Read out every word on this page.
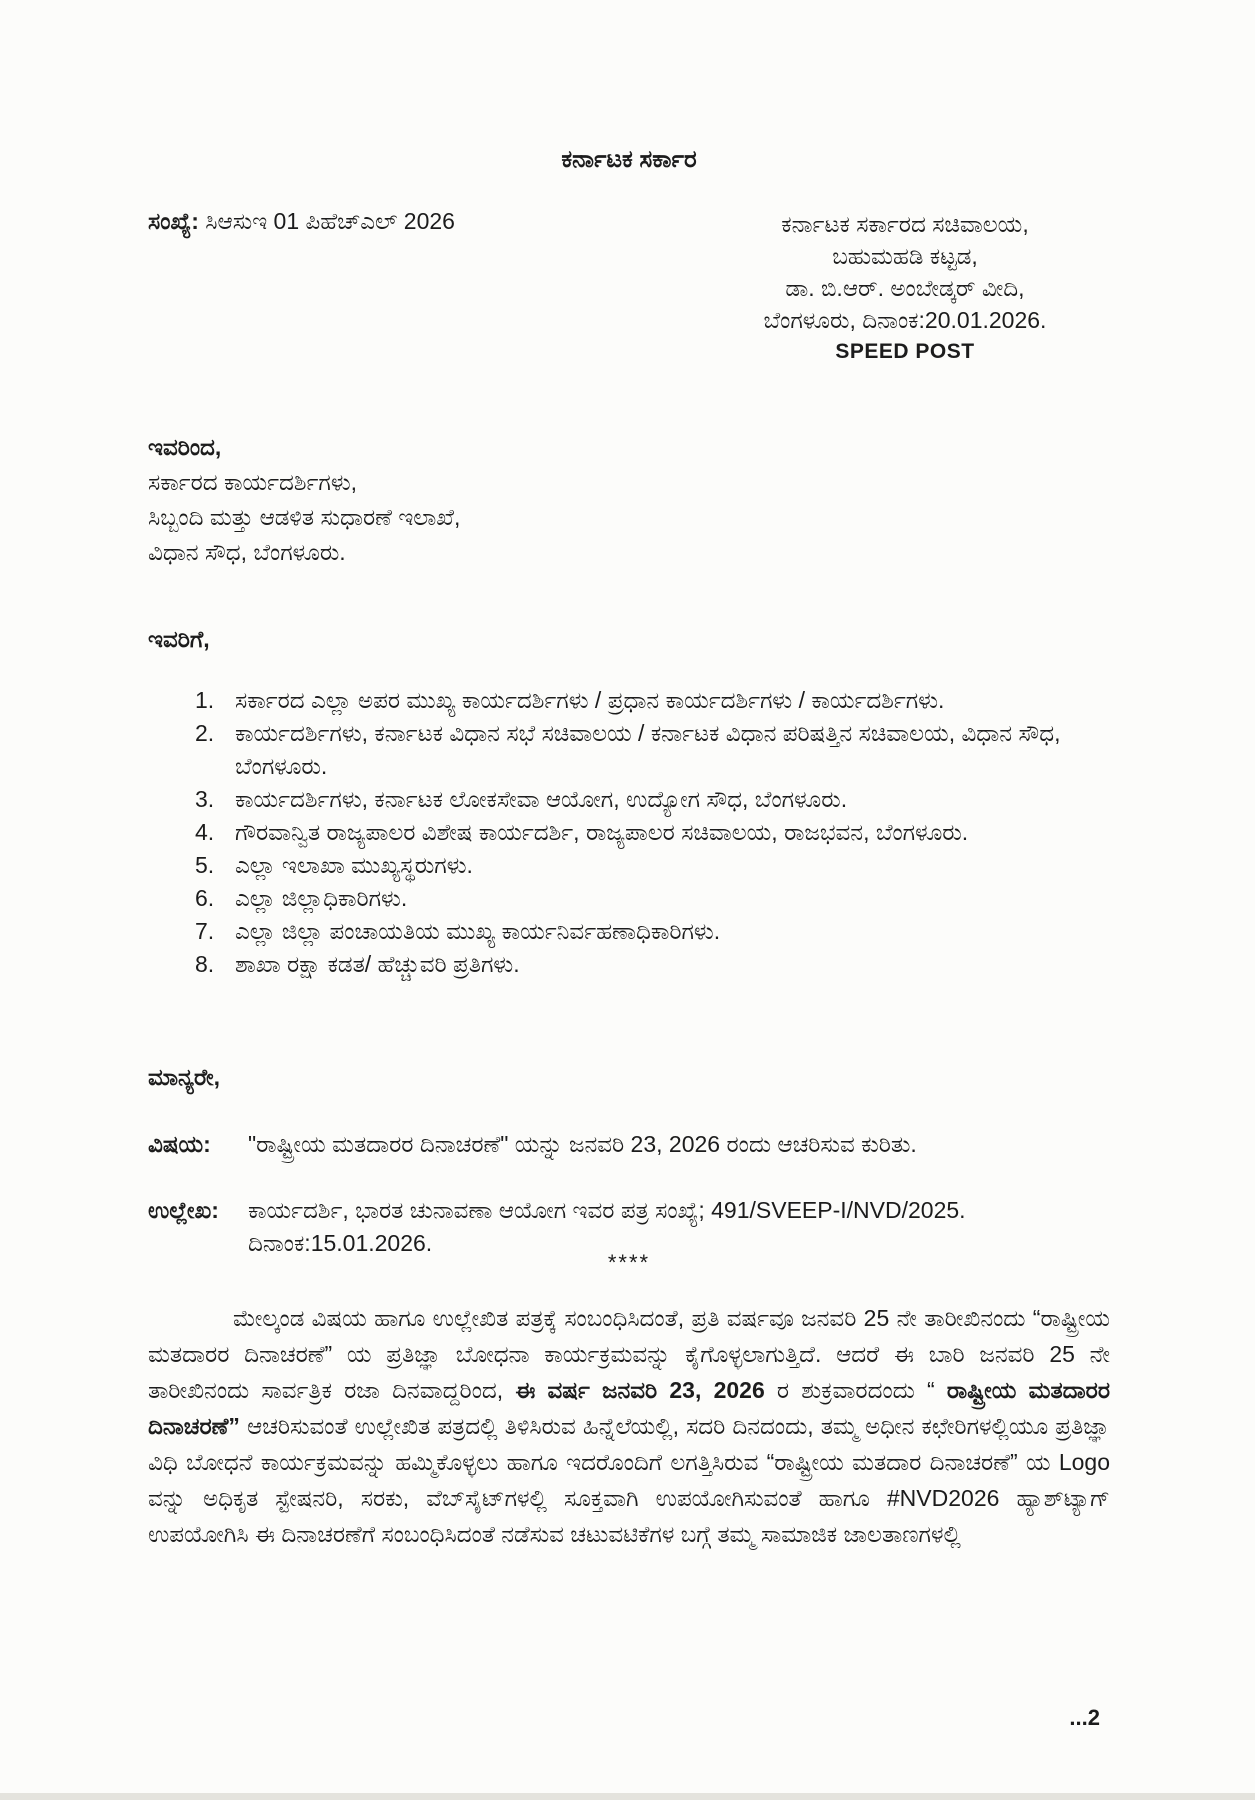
ಕರ್ನಾಟಕ ಸರ್ಕಾರ
ಸಂಖ್ಯೆ: ಸಿಆಸುಇ 01 ಪಿಹೆಚ್‌ಎಲ್ 2026	ಕರ್ನಾಟಕ ಸರ್ಕಾರದ ಸಚಿವಾಲಯ,
ಬಹುಮಹಡಿ ಕಟ್ಟಡ,
ಡಾ. ಬಿ.ಆರ್. ಅಂಬೇಡ್ಕರ್ ವೀದಿ,
ಬೆಂಗಳೂರು, ದಿನಾಂಕ:20.01.2026.
SPEED POST
ಇವರಿಂದ,
ಸರ್ಕಾರದ ಕಾರ್ಯದರ್ಶಿಗಳು,
ಸಿಬ್ಬಂದಿ ಮತ್ತು ಆಡಳಿತ ಸುಧಾರಣೆ ಇಲಾಖೆ,
ವಿಧಾನ ಸೌಧ, ಬೆಂಗಳೂರು.
ಇವರಿಗೆ,
1. ಸರ್ಕಾರದ ಎಲ್ಲಾ ಅಪರ ಮುಖ್ಯ ಕಾರ್ಯದರ್ಶಿಗಳು / ಪ್ರಧಾನ ಕಾರ್ಯದರ್ಶಿಗಳು / ಕಾರ್ಯದರ್ಶಿಗಳು.
2. ಕಾರ್ಯದರ್ಶಿಗಳು, ಕರ್ನಾಟಕ ವಿಧಾನ ಸಭೆ ಸಚಿವಾಲಯ / ಕರ್ನಾಟಕ ವಿಧಾನ ಪರಿಷತ್ತಿನ ಸಚಿವಾಲಯ, ವಿಧಾನ ಸೌಧ, ಬೆಂಗಳೂರು.
3. ಕಾರ್ಯದರ್ಶಿಗಳು, ಕರ್ನಾಟಕ ಲೋಕಸೇವಾ ಆಯೋಗ, ಉದ್ಯೋಗ ಸೌಧ, ಬೆಂಗಳೂರು.
4. ಗೌರವಾನ್ವಿತ ರಾಜ್ಯಪಾಲರ ವಿಶೇಷ ಕಾರ್ಯದರ್ಶಿ, ರಾಜ್ಯಪಾಲರ ಸಚಿವಾಲಯ, ರಾಜಭವನ, ಬೆಂಗಳೂರು.
5. ಎಲ್ಲಾ ಇಲಾಖಾ ಮುಖ್ಯಸ್ಥರುಗಳು.
6. ಎಲ್ಲಾ ಜಿಲ್ಲಾಧಿಕಾರಿಗಳು.
7. ಎಲ್ಲಾ ಜಿಲ್ಲಾ ಪಂಚಾಯತಿಯ ಮುಖ್ಯ ಕಾರ್ಯನಿರ್ವಹಣಾಧಿಕಾರಿಗಳು.
8. ಶಾಖಾ ರಕ್ಷಾ ಕಡತ/ ಹೆಚ್ಚುವರಿ ಪ್ರತಿಗಳು.
ಮಾನ್ಯರೇ,
ವಿಷಯ:	"ರಾಷ್ಟ್ರೀಯ ಮತದಾರರ ದಿನಾಚರಣೆ" ಯನ್ನು ಜನವರಿ 23, 2026 ರಂದು ಆಚರಿಸುವ ಕುರಿತು.
ಉಲ್ಲೇಖ:	ಕಾರ್ಯದರ್ಶಿ, ಭಾರತ ಚುನಾವಣಾ ಆಯೋಗ ಇವರ ಪತ್ರ ಸಂಖ್ಯೆ; 491/SVEEP-I/NVD/2025. ದಿನಾಂಕ:15.01.2026.
****
ಮೇಲ್ಕಂಡ ವಿಷಯ ಹಾಗೂ ಉಲ್ಲೇಖಿತ ಪತ್ರಕ್ಕೆ ಸಂಬಂಧಿಸಿದಂತೆ, ಪ್ರತಿ ವರ್ಷವೂ ಜನವರಿ 25 ನೇ ತಾರೀಖಿನಂದು “ರಾಷ್ಟ್ರೀಯ ಮತದಾರರ ದಿನಾಚರಣೆ” ಯ ಪ್ರತಿಜ್ಞಾ ಬೋಧನಾ ಕಾರ್ಯಕ್ರಮವನ್ನು ಕೈಗೊಳ್ಳಲಾಗುತ್ತಿದೆ. ಆದರೆ ಈ ಬಾರಿ ಜನವರಿ 25 ನೇ ತಾರೀಖಿನಂದು ಸಾರ್ವತ್ರಿಕ ರಜಾ ದಿನವಾದ್ದರಿಂದ, ಈ ವರ್ಷ ಜನವರಿ 23, 2026 ರ ಶುಕ್ರವಾರದಂದು “ ರಾಷ್ಟ್ರೀಯ ಮತದಾರರ ದಿನಾಚರಣೆ” ಆಚರಿಸುವಂತೆ ಉಲ್ಲೇಖಿತ ಪತ್ರದಲ್ಲಿ ತಿಳಿಸಿರುವ ಹಿನ್ನೆಲೆಯಲ್ಲಿ, ಸದರಿ ದಿನದಂದು, ತಮ್ಮ ಅಧೀನ ಕಛೇರಿಗಳಲ್ಲಿಯೂ ಪ್ರತಿಜ್ಞಾ ವಿಧಿ ಬೋಧನೆ ಕಾರ್ಯಕ್ರಮವನ್ನು ಹಮ್ಮಿಕೊಳ್ಳಲು ಹಾಗೂ ಇದರೊಂದಿಗೆ ಲಗತ್ತಿಸಿರುವ “ರಾಷ್ಟ್ರೀಯ ಮತದಾರ ದಿನಾಚರಣೆ” ಯ Logo ವನ್ನು ಅಧಿಕೃತ ಸ್ಟೇಷನರಿ, ಸರಕು, ವೆಬ್‌ಸೈಟ್‌ಗಳಲ್ಲಿ ಸೂಕ್ತವಾಗಿ ಉಪಯೋಗಿಸುವಂತೆ ಹಾಗೂ #NVD2026 ಹ್ಯಾಶ್‌ಟ್ಯಾಗ್ ಉಪಯೋಗಿಸಿ ಈ ದಿನಾಚರಣೆಗೆ ಸಂಬಂಧಿಸಿದಂತೆ ನಡೆಸುವ ಚಟುವಟಿಕೆಗಳ ಬಗ್ಗೆ ತಮ್ಮ ಸಾಮಾಜಿಕ ಜಾಲತಾಣಗಳಲ್ಲಿ
...2
